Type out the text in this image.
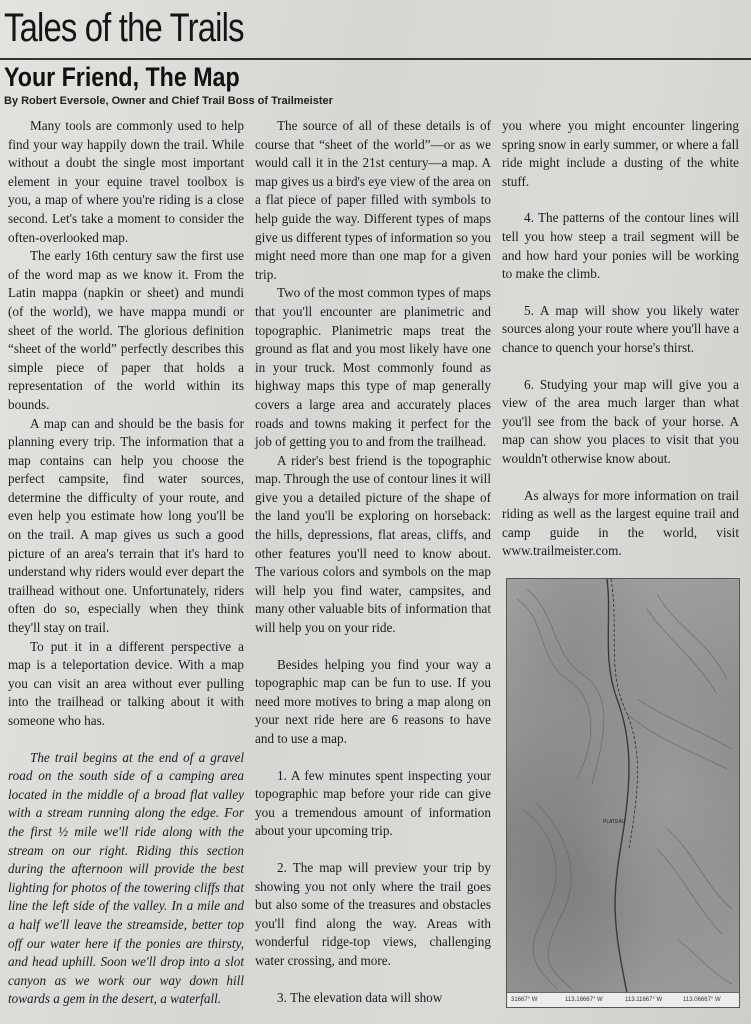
Tales of the Trails
Your Friend, The Map
By Robert Eversole, Owner and Chief Trail Boss of Trailmeister

Many tools are commonly used to help find your way happily down the trail. While without a doubt the single most important element in your equine travel toolbox is you, a map of where you're riding is a close second. Let's take a moment to consider the often-overlooked map.

The early 16th century saw the first use of the word map as we know it. From the Latin mappa (napkin or sheet) and mundi (of the world), we have mappa mundi or sheet of the world. The glorious definition “sheet of the world” perfectly describes this simple piece of paper that holds a representation of the world within its bounds.

A map can and should be the basis for planning every trip. The information that a map contains can help you choose the perfect campsite, find water sources, determine the difficulty of your route, and even help you estimate how long you'll be on the trail. A map gives us such a good picture of an area's terrain that it's hard to understand why riders would ever depart the trailhead without one. Unfortunately, riders often do so, especially when they think they'll stay on trail.

To put it in a different perspective a map is a teleportation device. With a map you can visit an area without ever pulling into the trailhead or talking about it with someone who has.

The trail begins at the end of a gravel road on the south side of a camping area located in the middle of a broad flat valley with a stream running along the edge. For the first ½ mile we'll ride along with the stream on our right. Riding this section during the afternoon will provide the best lighting for photos of the towering cliffs that line the left side of the valley. In a mile and a half we'll leave the streamside, better top off our water here if the ponies are thirsty, and head uphill. Soon we'll drop into a slot canyon as we work our way down hill towards a gem in the desert, a waterfall.

The source of all of these details is of course that “sheet of the world”—or as we would call it in the 21st century—a map. A map gives us a bird's eye view of the area on a flat piece of paper filled with symbols to help guide the way. Different types of maps give us different types of information so you might need more than one map for a given trip.

Two of the most common types of maps that you'll encounter are planimetric and topographic. Planimetric maps treat the ground as flat and you most likely have one in your truck. Most commonly found as highway maps this type of map generally covers a large area and accurately places roads and towns making it perfect for the job of getting you to and from the trailhead.

A rider's best friend is the topographic map. Through the use of contour lines it will give you a detailed picture of the shape of the land you'll be exploring on horseback: the hills, depressions, flat areas, cliffs, and other features you'll need to know about. The various colors and symbols on the map will help you find water, campsites, and many other valuable bits of information that will help you on your ride.

Besides helping you find your way a topographic map can be fun to use. If you need more motives to bring a map along on your next ride here are 6 reasons to have and to use a map.

1. A few minutes spent inspecting your topographic map before your ride can give you a tremendous amount of information about your upcoming trip.

2. The map will preview your trip by showing you not only where the trail goes but also some of the treasures and obstacles you'll find along the way. Areas with wonderful ridge-top views, challenging water crossing, and more.

3. The elevation data will show

you where you might encounter lingering spring snow in early summer, or where a fall ride might include a dusting of the white stuff.

4. The patterns of the contour lines will tell you how steep a trail segment will be and how hard your ponies will be working to make the climb.

5. A map will show you likely water sources along your route where you'll have a chance to quench your horse's thirst.

6. Studying your map will give you a view of the area much larger than what you'll see from the back of your horse. A map can show you places to visit that you wouldn't otherwise know about.

As always for more information on trail riding as well as the largest equine trail and camp guide in the world, visit www.trailmeister.com.

PLATEAU
31667° W	113.16667° W	113.11667° W	113.06667° W
